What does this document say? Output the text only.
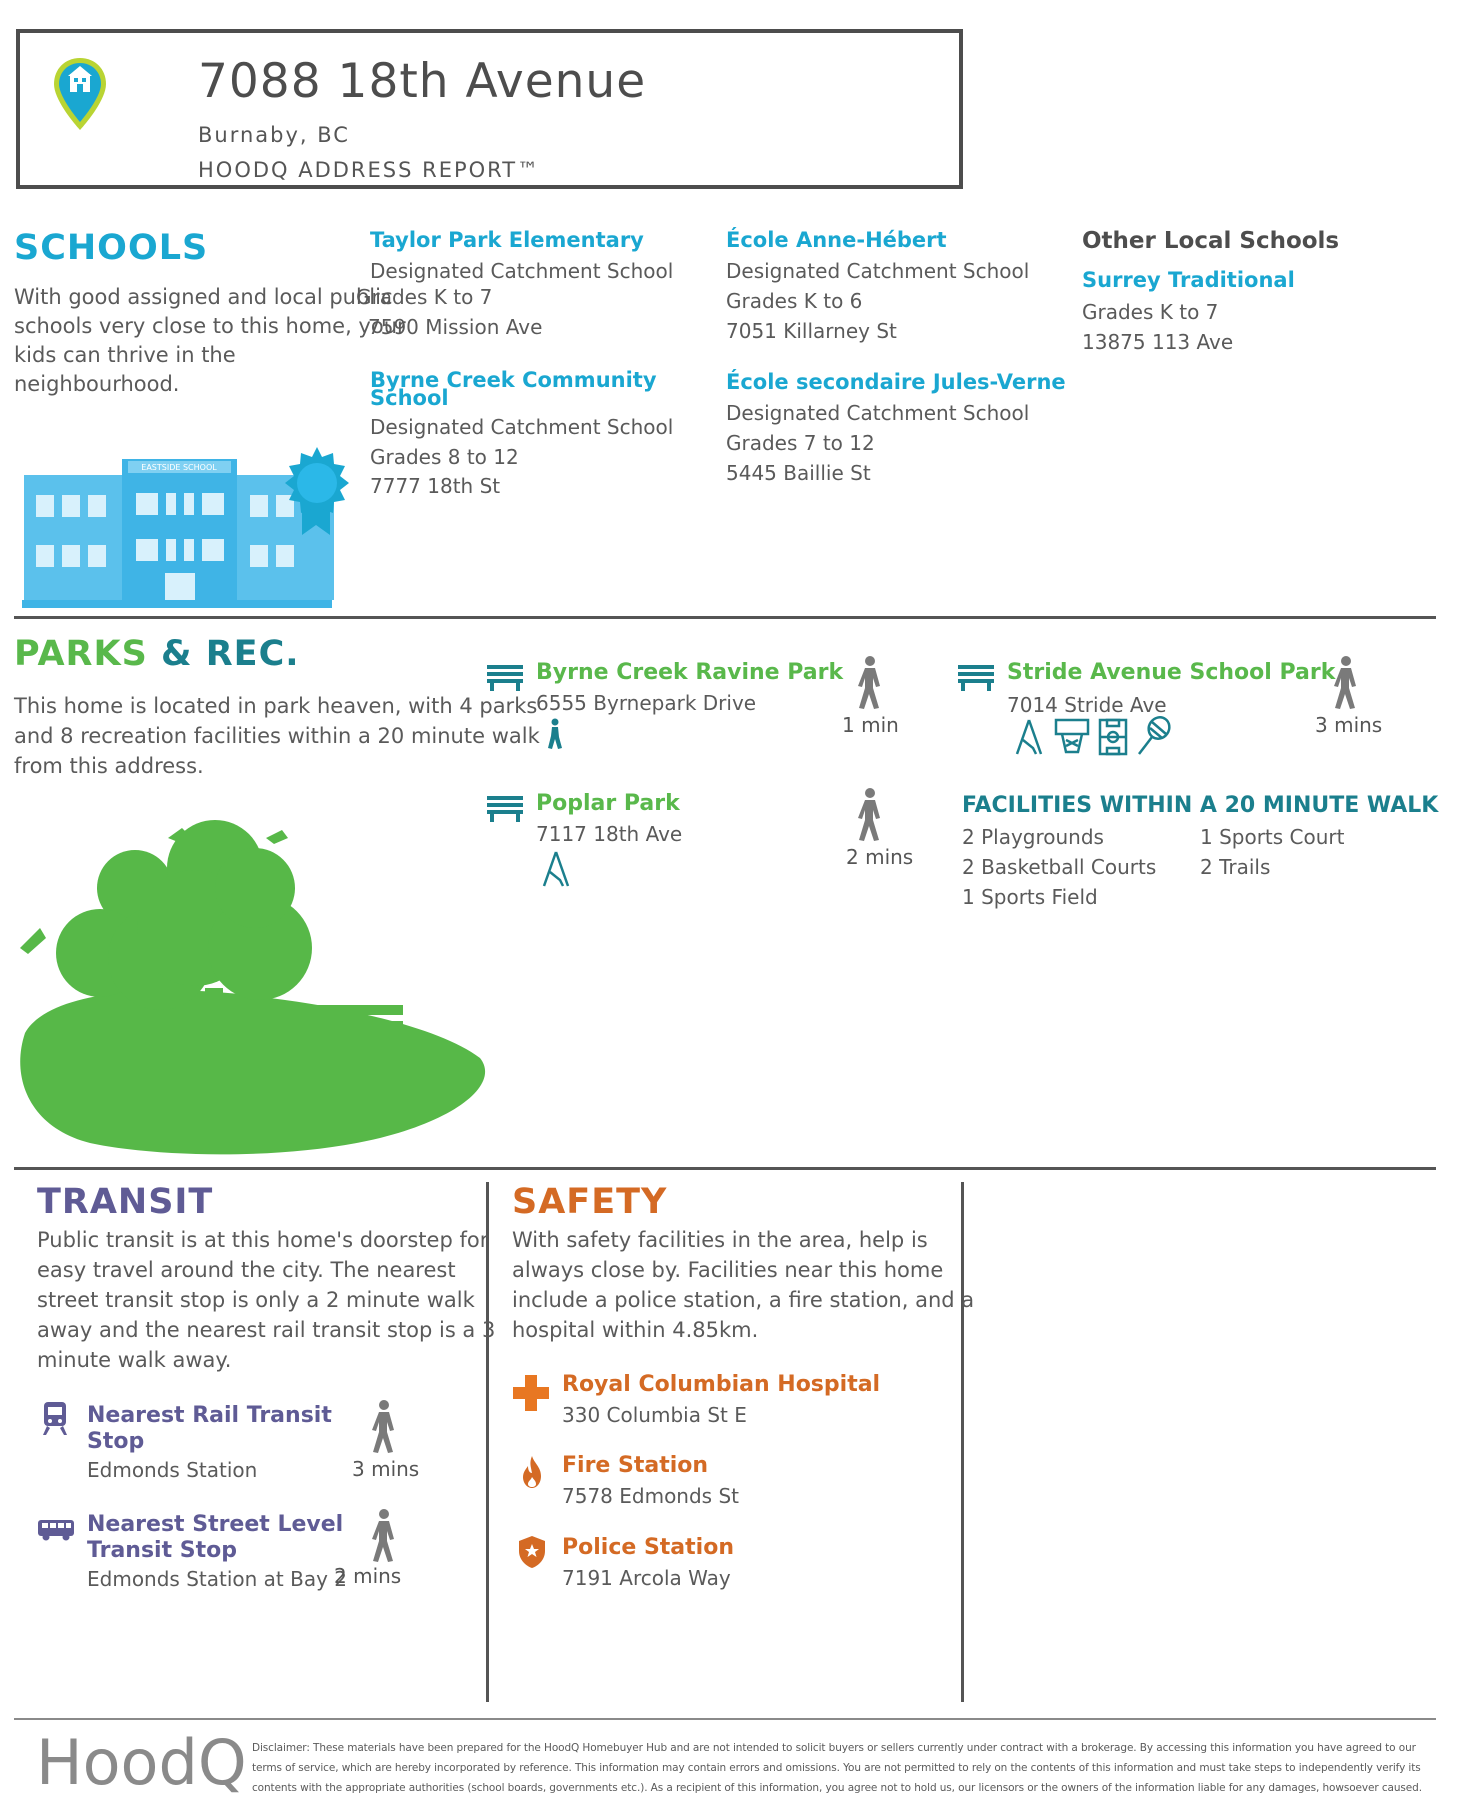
7088 18th Avenue
Burnaby, BC
HOODQ ADDRESS REPORT™
SCHOOLS
With good assigned and local public
schools very close to this home, your
kids can thrive in the
neighbourhood.
EASTSIDE SCHOOL
Taylor Park Elementary
Designated Catchment School
Grades K to 7
7590 Mission Ave
Byrne Creek Community
School
Designated Catchment School
Grades 8 to 12
7777 18th St
École Anne-Hébert
Designated Catchment School
Grades K to 6
7051 Killarney St
École secondaire Jules-Verne
Designated Catchment School
Grades 7 to 12
5445 Baillie St
Other Local Schools
Surrey Traditional
Grades K to 7
13875 113 Ave
PARKS & REC.
This home is located in park heaven, with 4 parks
and 8 recreation facilities within a 20 minute walk
from this address.
Byrne Creek Ravine Park
6555 Byrnepark Drive
1 min
Stride Avenue School Park
7014 Stride Ave
3 mins
Poplar Park
7117 18th Ave
2 mins
FACILITIES WITHIN A 20 MINUTE WALK
2 Playgrounds	1 Sports Court
2 Basketball Courts 2 Trails
1 Sports Field
TRANSIT
Public transit is at this home's doorstep for
easy travel around the city. The nearest
street transit stop is only a 2 minute walk
away and the nearest rail transit stop is a 3
minute walk away.
Nearest Rail Transit
Stop
Edmonds Station	3 mins
Nearest Street Level
Transit Stop
Edmonds Station at Bay 2
2 mins
SAFETY
With safety facilities in the area, help is
always close by. Facilities near this home
include a police station, a fire station, and a
hospital within 4.85km.
Royal Columbian Hospital
330 Columbia St E
Fire Station
7578 Edmonds St
Police Station
7191 Arcola Way
HoodQ Disclaimer: These materials have been prepared for the HoodQ Homebuyer Hub and are not intended to solicit buyers or sellers currently under contract with a brokerage. By accessing this information you have agreed to our
terms of service, which are hereby incorporated by reference. This information may contain errors and omissions. You are not permitted to rely on the contents of this information and must take steps to independently verify its
contents with the appropriate authorities (school boards, governments etc.). As a recipient of this information, you agree not to hold us, our licensors or the owners of the information liable for any damages, howsoever caused.
